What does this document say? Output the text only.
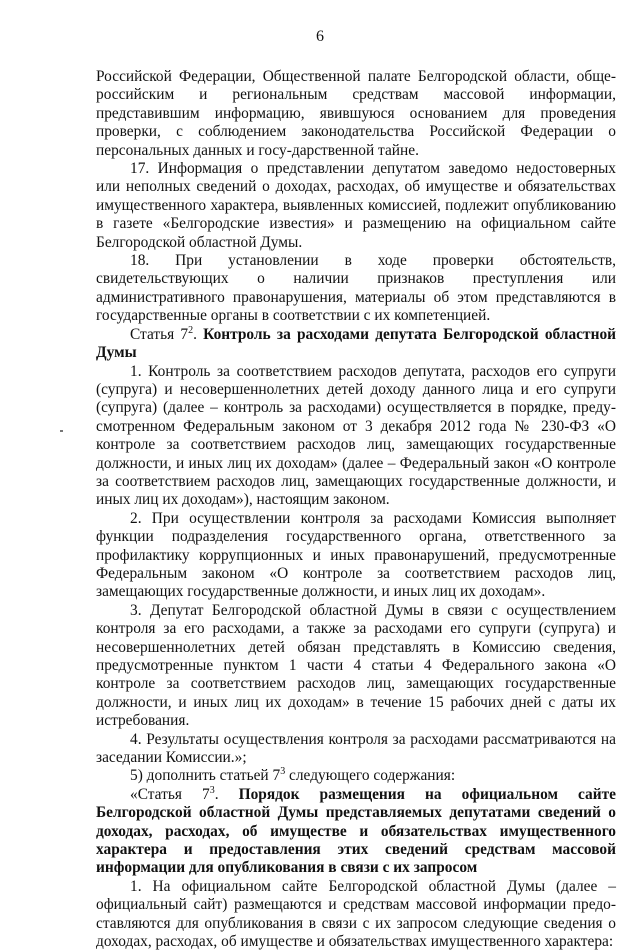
6

Российской Федерации, Общественной палате Белгородской области, обще-российским и региональным средствам массовой информации, представившим информацию, явившуюся основанием для проведения проверки, с соблюдением законодательства Российской Федерации о персональных данных и госу-дарственной тайне.

17. Информация о представлении депутатом заведомо недостоверных или неполных сведений о доходах, расходах, об имуществе и обязательствах имущественного характера, выявленных комиссией, подлежит опубликованию в газете «Белгородские известия» и размещению на официальном сайте Белгородской областной Думы.

18. При установлении в ходе проверки обстоятельств, свидетельствующих о наличии признаков преступления или административного правонарушения, материалы об этом представляются в государственные органы в соответствии с их компетенцией.

Статья $7^2$. Контроль за расходами депутата Белгородской областной Думы

1. Контроль за соответствием расходов депутата, расходов его супруги (супруга) и несовершеннолетних детей доходу данного лица и его супруги (супруга) (далее – контроль за расходами) осуществляется в порядке, преду-смотренном Федеральным законом от 3 декабря 2012 года № 230-ФЗ «О контроле за соответствием расходов лиц, замещающих государственные должности, и иных лиц их доходам» (далее – Федеральный закон «О контроле за соответствием расходов лиц, замещающих государственные должности, и иных лиц их доходам»), настоящим законом.

2. При осуществлении контроля за расходами Комиссия выполняет функции подразделения государственного органа, ответственного за профилактику коррупционных и иных правонарушений, предусмотренные Федеральным законом «О контроле за соответствием расходов лиц, замещающих государственные должности, и иных лиц их доходам».

3. Депутат Белгородской областной Думы в связи с осуществлением контроля за его расходами, а также за расходами его супруги (супруга) и несовершеннолетних детей обязан представлять в Комиссию сведения, предусмотренные пунктом 1 части 4 статьи 4 Федерального закона «О контроле за соответствием расходов лиц, замещающих государственные должности, и иных лиц их доходам» в течение 15 рабочих дней с даты их истребования.

4. Результаты осуществления контроля за расходами рассматриваются на заседании Комиссии.»;

5) дополнить статьей $7^3$ следующего содержания:

«Статья $7^3$. Порядок размещения на официальном сайте Белгородской областной Думы представляемых депутатами сведений о доходах, расходах, об имуществе и обязательствах имущественного характера и предоставления этих сведений средствам массовой информации для опубликования в связи с их запросом

1. На официальном сайте Белгородской областной Думы (далее – официальный сайт) размещаются и средствам массовой информации предо-ставляются для опубликования в связи с их запросом следующие сведения о доходах, расходах, об имуществе и обязательствах имущественного характера:
